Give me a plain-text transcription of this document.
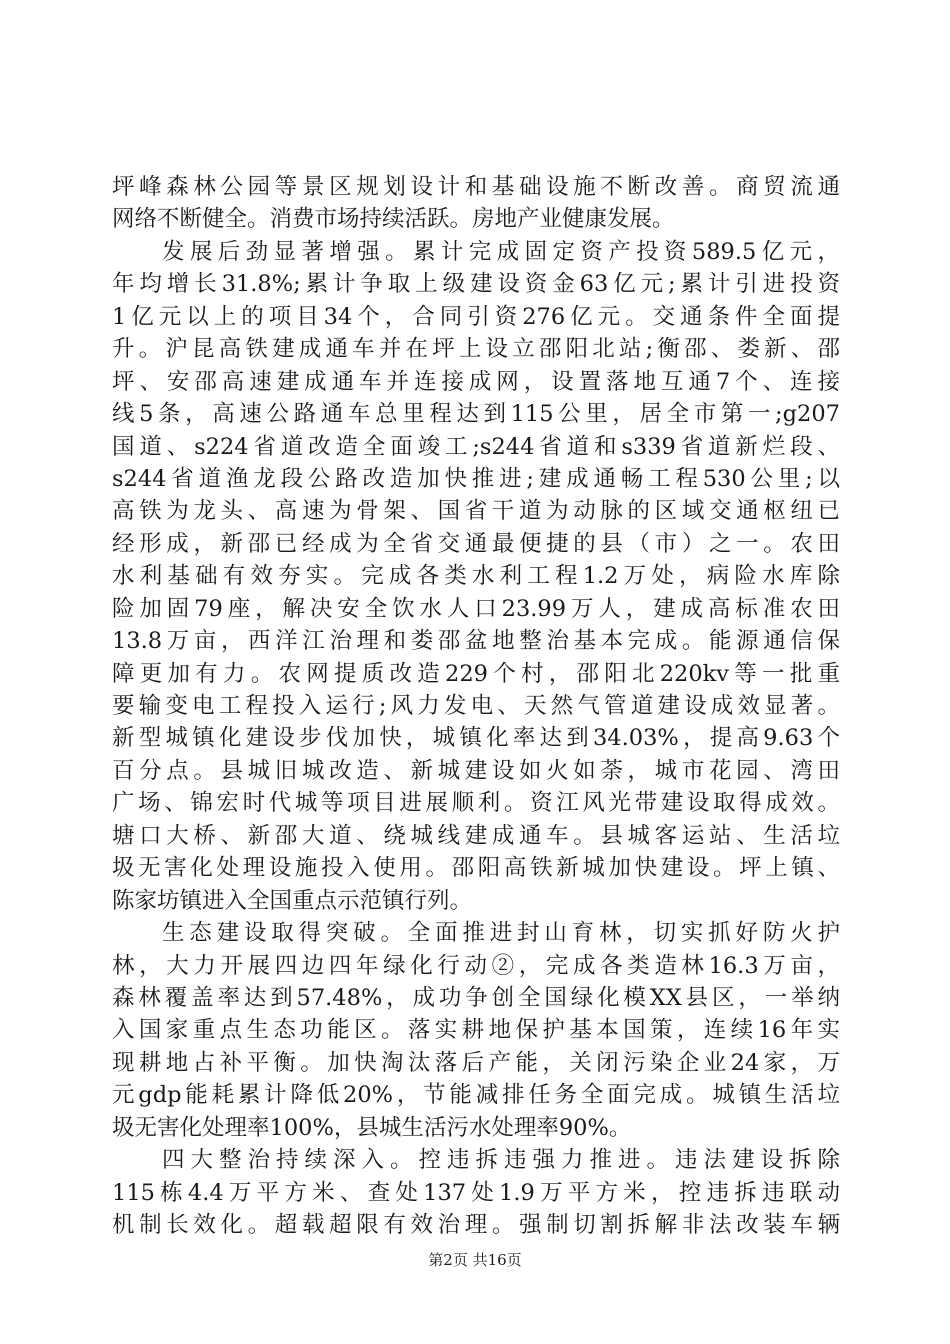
坪峰森林公园等景区规划设计和基础设施不断改善。商贸流通
网络不断健全。消费市场持续活跃。房地产业健康发展。
发展后劲显著增强。累计完成固定资产投资589.5亿元，
年均增长31.8%;累计争取上级建设资金63亿元;累计引进投资
1亿元以上的项目34个，合同引资276亿元。交通条件全面提
升。沪昆高铁建成通车并在坪上设立邵阳北站;衡邵、娄新、邵
坪、安邵高速建成通车并连接成网，设置落地互通7个、连接
线5条，高速公路通车总里程达到115公里，居全市第一;g207
国道、s224省道改造全面竣工;s244省道和s339省道新烂段、
s244省道渔龙段公路改造加快推进;建成通畅工程530公里;以
高铁为龙头、高速为骨架、国省干道为动脉的区域交通枢纽已
经形成，新邵已经成为全省交通最便捷的县（市）之一。农田
水利基础有效夯实。完成各类水利工程1.2万处，病险水库除
险加固79座，解决安全饮水人口23.99万人，建成高标准农田
13.8万亩，西洋江治理和娄邵盆地整治基本完成。能源通信保
障更加有力。农网提质改造229个村，邵阳北220kv等一批重
要输变电工程投入运行;风力发电、天然气管道建设成效显著。
新型城镇化建设步伐加快，城镇化率达到34.03%，提高9.63个
百分点。县城旧城改造、新城建设如火如荼，城市花园、湾田
广场、锦宏时代城等项目进展顺利。资江风光带建设取得成效。
塘口大桥、新邵大道、绕城线建成通车。县城客运站、生活垃
圾无害化处理设施投入使用。邵阳高铁新城加快建设。坪上镇、
陈家坊镇进入全国重点示范镇行列。
生态建设取得突破。全面推进封山育林，切实抓好防火护
林，大力开展四边四年绿化行动②，完成各类造林16.3万亩，
森林覆盖率达到57.48%，成功争创全国绿化模XX县区，一举纳
入国家重点生态功能区。落实耕地保护基本国策，连续16年实
现耕地占补平衡。加快淘汰落后产能，关闭污染企业24家，万
元gdp能耗累计降低20%，节能减排任务全面完成。城镇生活垃
圾无害化处理率100%，县城生活污水处理率90%。
四大整治持续深入。控违拆违强力推进。违法建设拆除
115栋4.4万平方米、查处137处1.9万平方米，控违拆违联动
机制长效化。超载超限有效治理。强制切割拆解非法改装车辆
第2页 共16页
